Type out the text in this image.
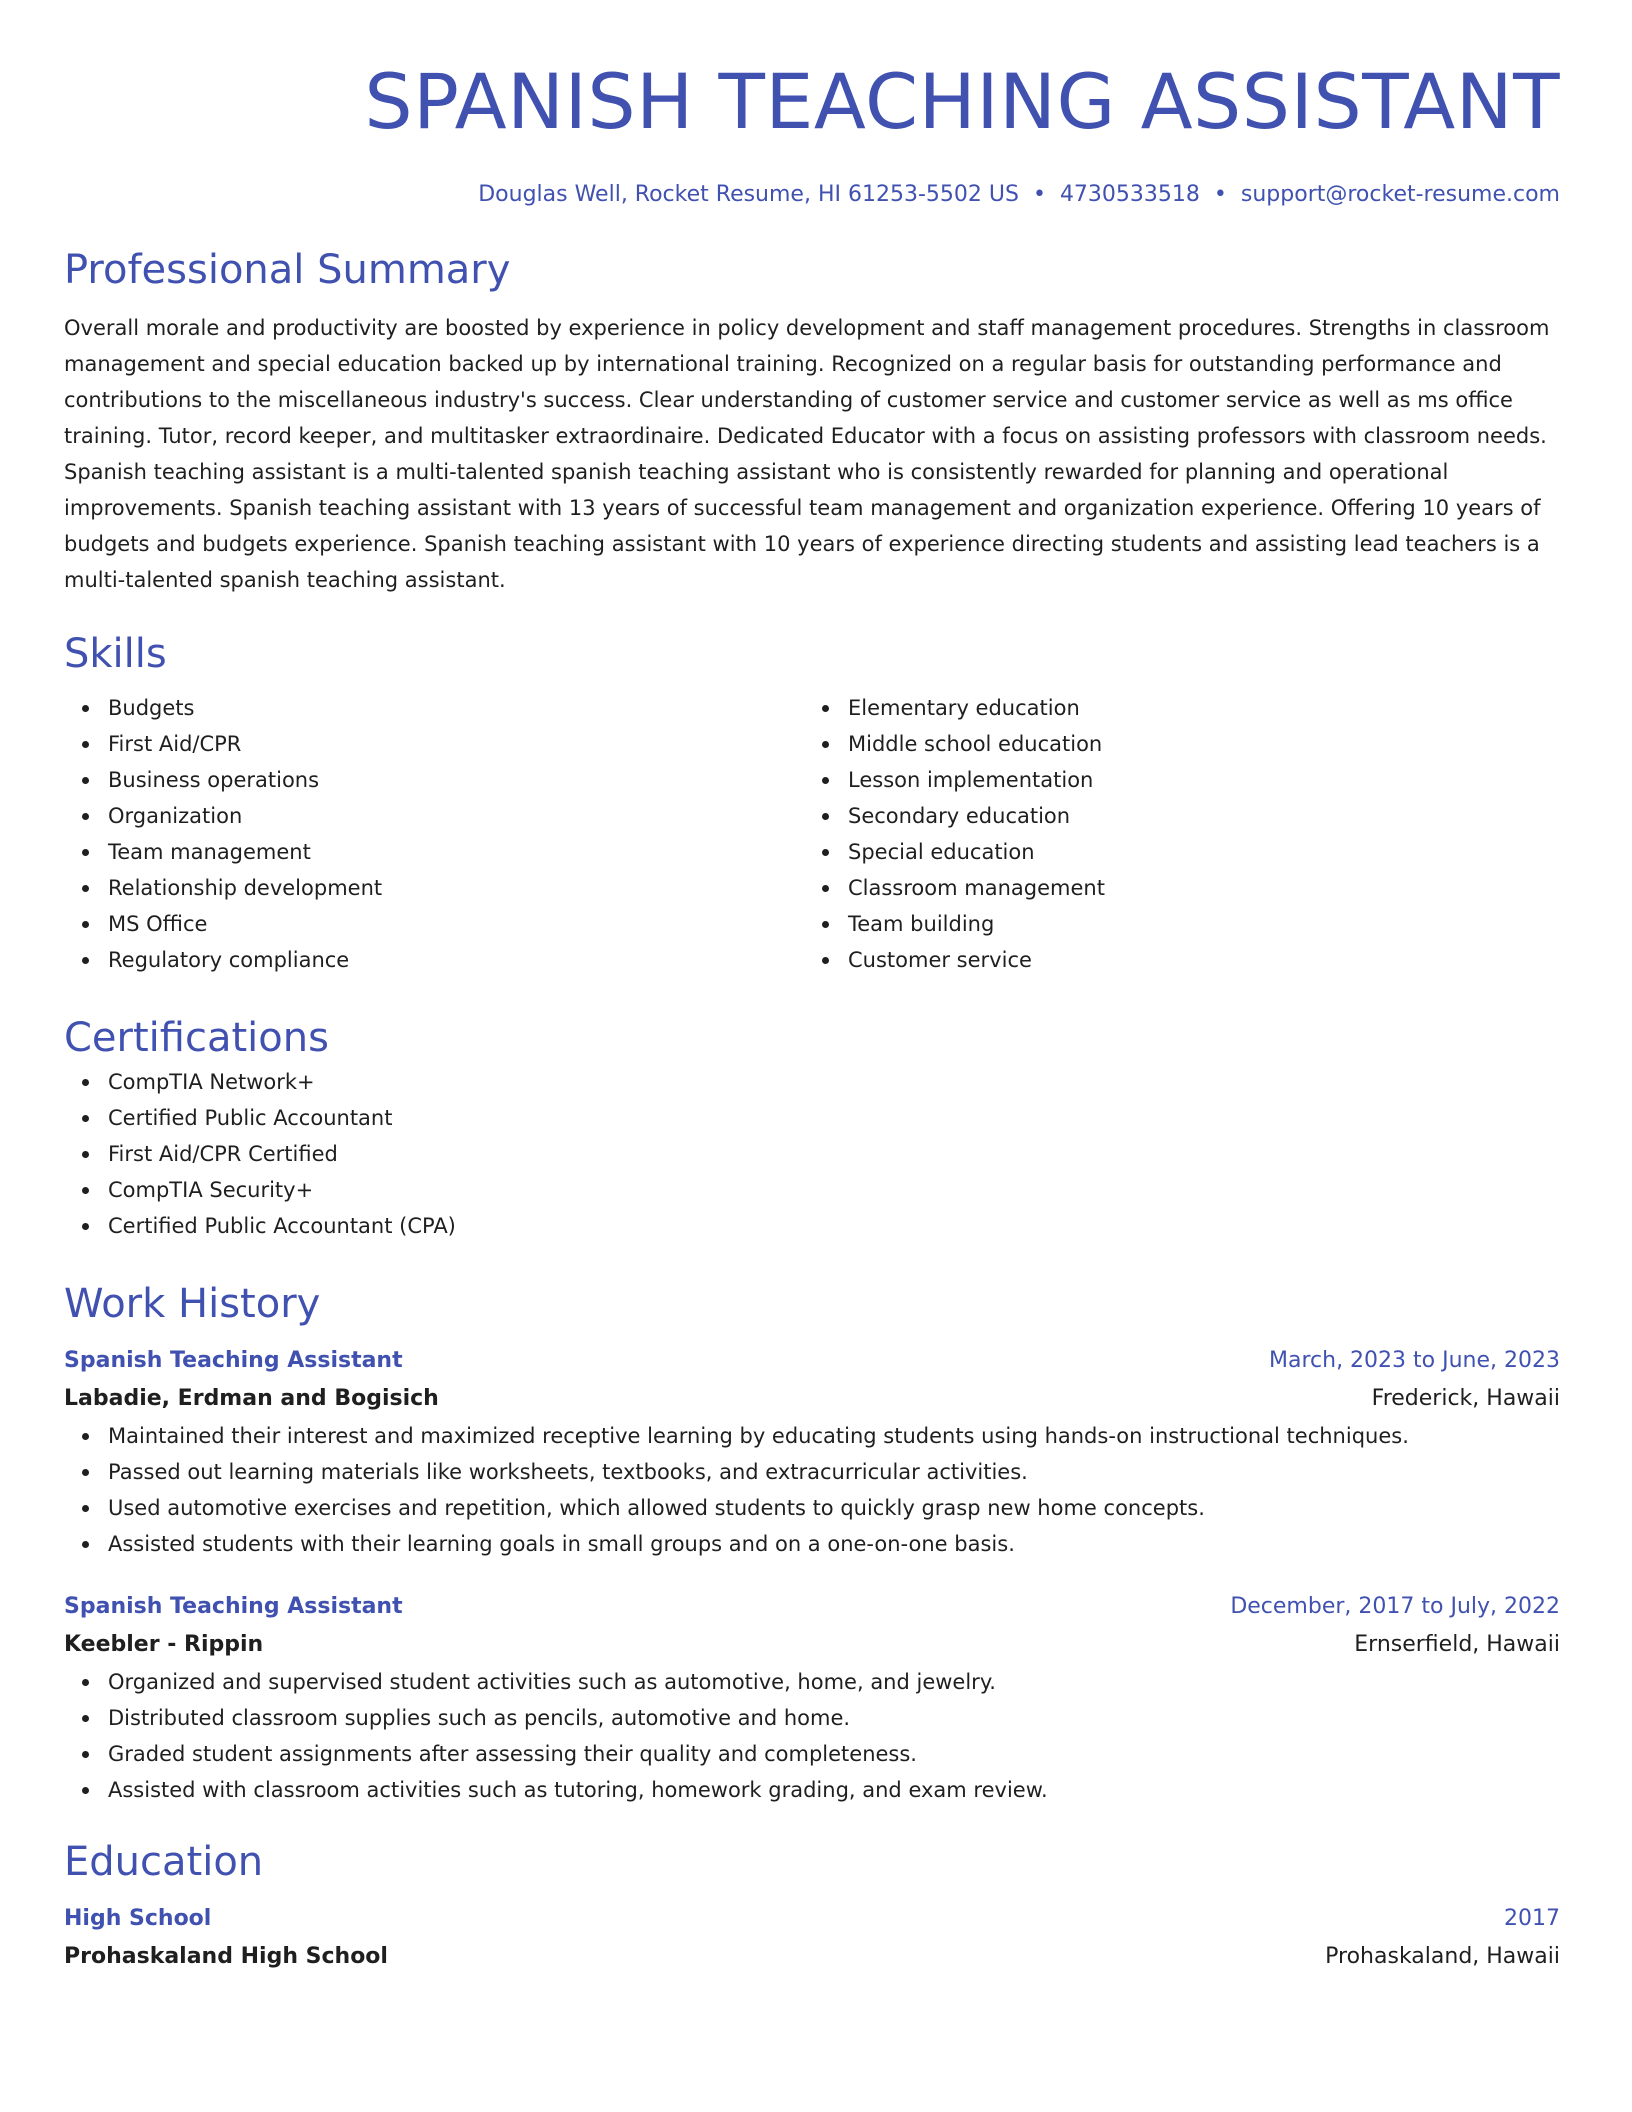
SPANISH TEACHING ASSISTANT
Douglas Well, Rocket Resume, HI 61253-5502 US • 4730533518 • support@rocket-resume.com
Professional Summary
Overall morale and productivity are boosted by experience in policy development and staff management procedures. Strengths in classroom management and special education backed up by international training. Recognized on a regular basis for outstanding performance and contributions to the miscellaneous industry's success. Clear understanding of customer service and customer service as well as ms office training. Tutor, record keeper, and multitasker extraordinaire. Dedicated Educator with a focus on assisting professors with classroom needs. Spanish teaching assistant is a multi-talented spanish teaching assistant who is consistently rewarded for planning and operational improvements. Spanish teaching assistant with 13 years of successful team management and organization experience. Offering 10 years of budgets and budgets experience. Spanish teaching assistant with 10 years of experience directing students and assisting lead teachers is a multi-talented spanish teaching assistant.
Skills
Budgets
First Aid/CPR
Business operations
Organization
Team management
Relationship development
MS Office
Regulatory compliance
Elementary education
Middle school education
Lesson implementation
Secondary education
Special education
Classroom management
Team building
Customer service
Certifications
CompTIA Network+
Certified Public Accountant
First Aid/CPR Certified
CompTIA Security+
Certified Public Accountant (CPA)
Work History
Spanish Teaching Assistant	March, 2023 to June, 2023
Labadie, Erdman and Bogisich	Frederick, Hawaii
Maintained their interest and maximized receptive learning by educating students using hands-on instructional techniques.
Passed out learning materials like worksheets, textbooks, and extracurricular activities.
Used automotive exercises and repetition, which allowed students to quickly grasp new home concepts.
Assisted students with their learning goals in small groups and on a one-on-one basis.
Spanish Teaching Assistant	December, 2017 to July, 2022
Keebler - Rippin	Ernserfield, Hawaii
Organized and supervised student activities such as automotive, home, and jewelry.
Distributed classroom supplies such as pencils, automotive and home.
Graded student assignments after assessing their quality and completeness.
Assisted with classroom activities such as tutoring, homework grading, and exam review.
Education
High School	2017
Prohaskaland High School	Prohaskaland, Hawaii
